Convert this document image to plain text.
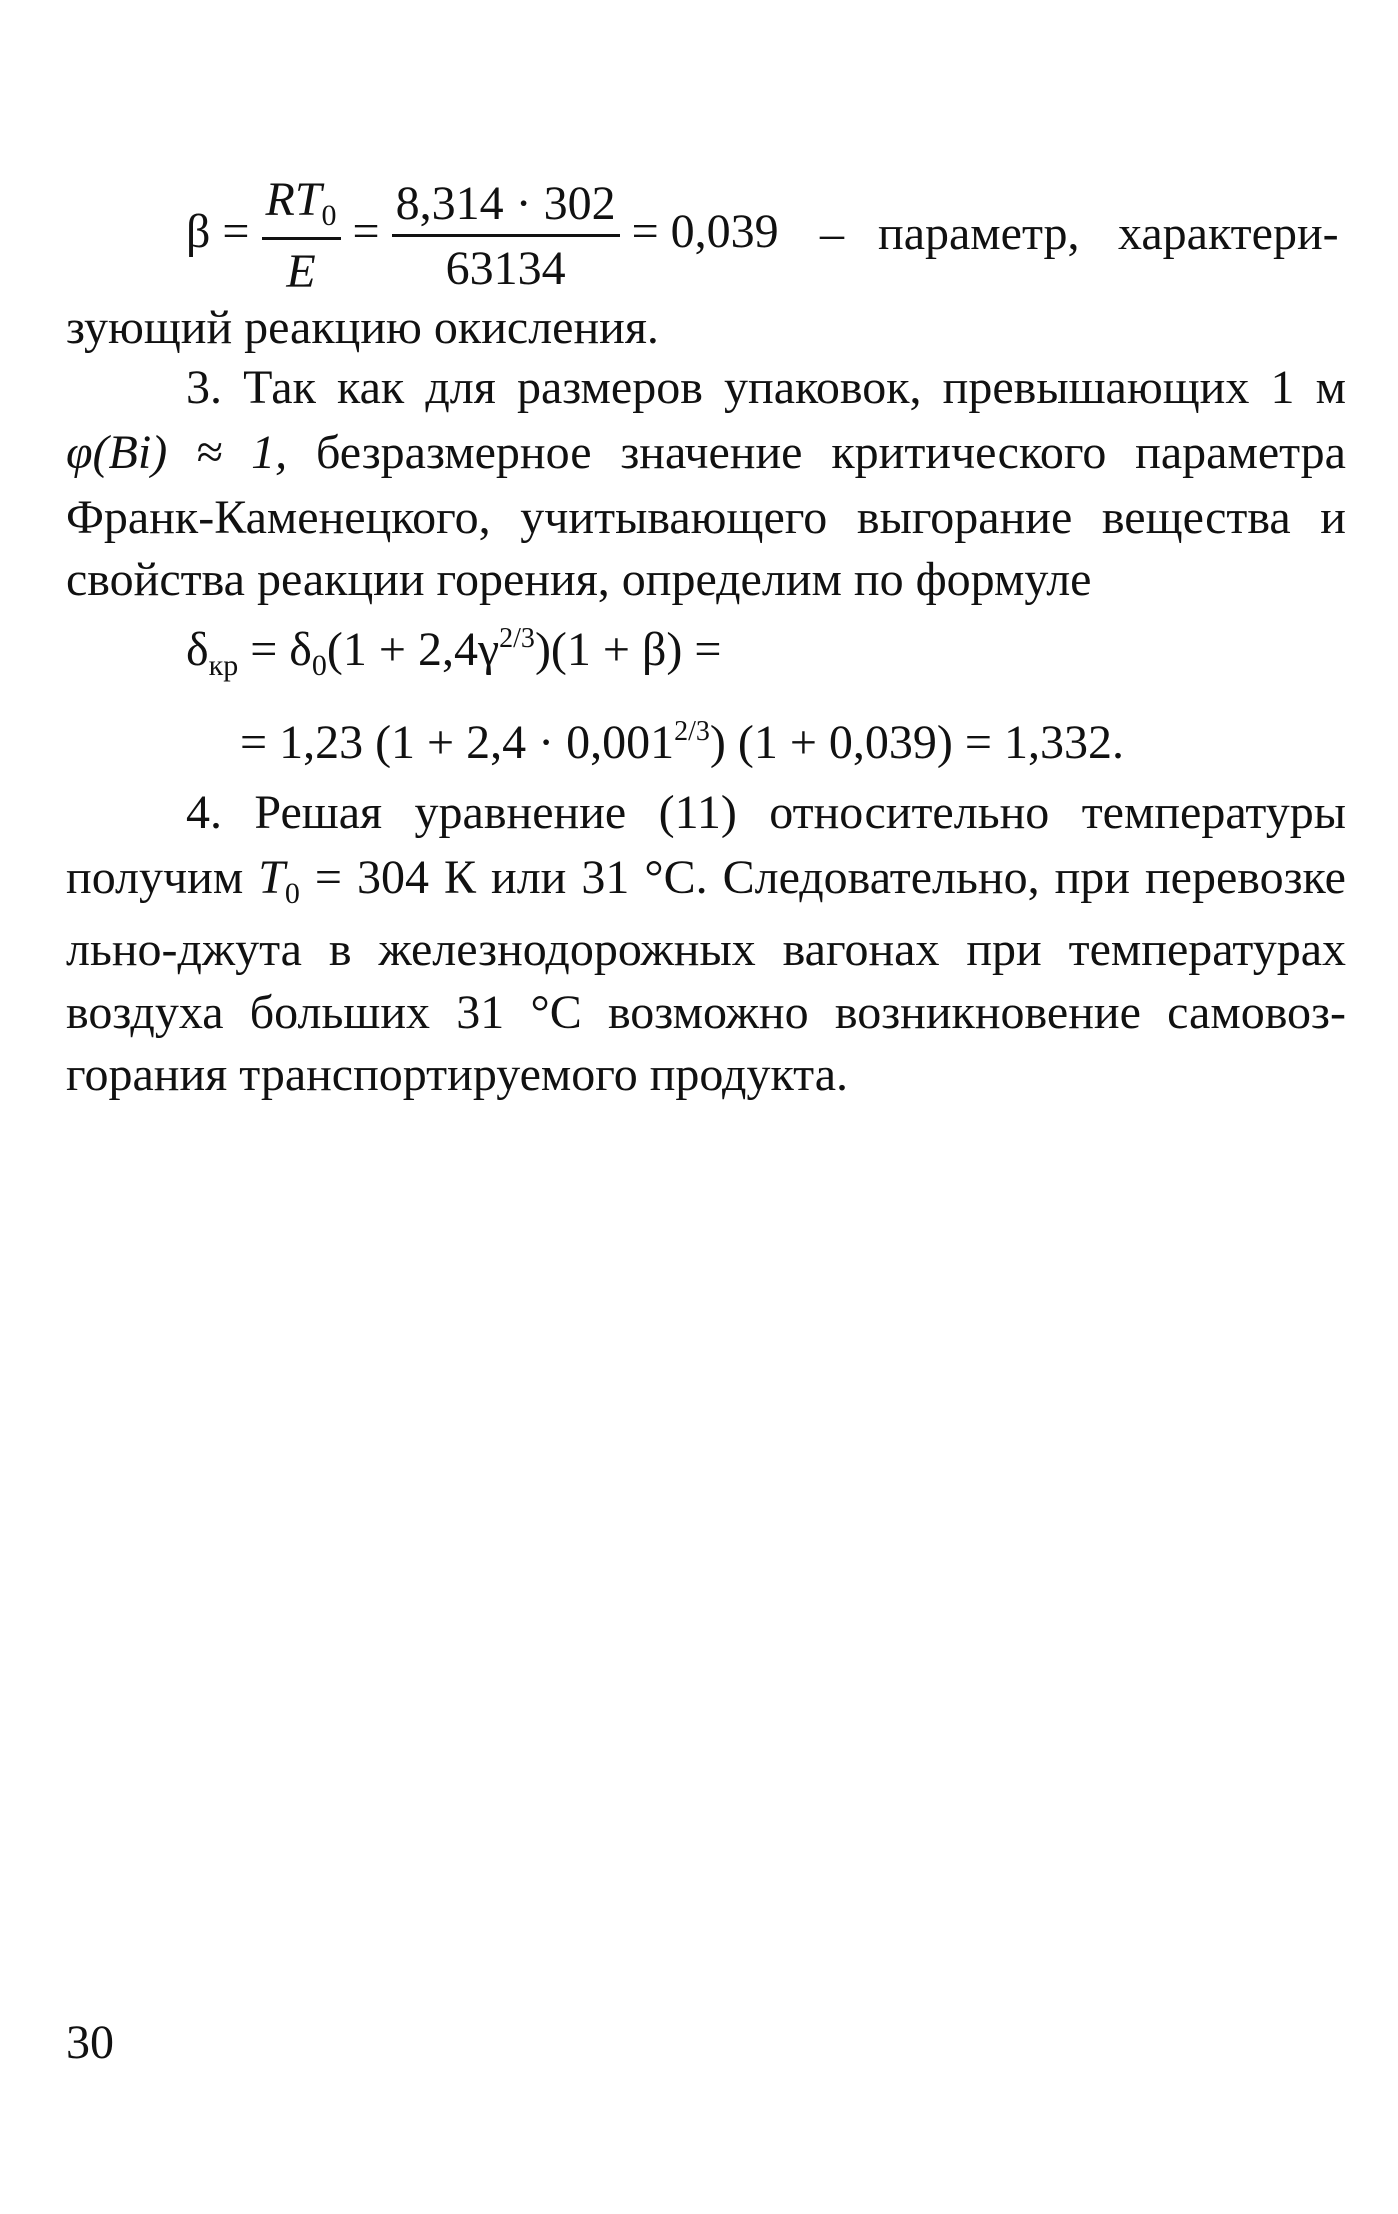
$\beta = \frac{RT_0}{E} = \frac{8,314 \cdot 302}{63134} = 0,039$ – параметр, характери-
зующий реакцию окисления.
3. Так как для размеров упаковок, превышающих 1 м
φ(Bi) ≈ 1, безразмерное значение критического параметра
Франк-Каменецкого, учитывающего выгорание вещества и
свойства реакции горения, определим по формуле
$\delta_{кр} = \delta_0(1 + 2,4\gamma^{2/3})(1 + \beta)$ =
= 1,23 $(1 + 2,4 \cdot 0,001^{2/3})$ (1 + 0,039) = 1,332.
4. Решая уравнение (11) относительно температуры
получим $T_0 = 304$ К или 31 °С. Следовательно, при перевозке
льно-джута в железнодорожных вагонах при температурах
воздуха больших 31 °С возможно возникновение самовоз-
горания транспортируемого продукта.
30
